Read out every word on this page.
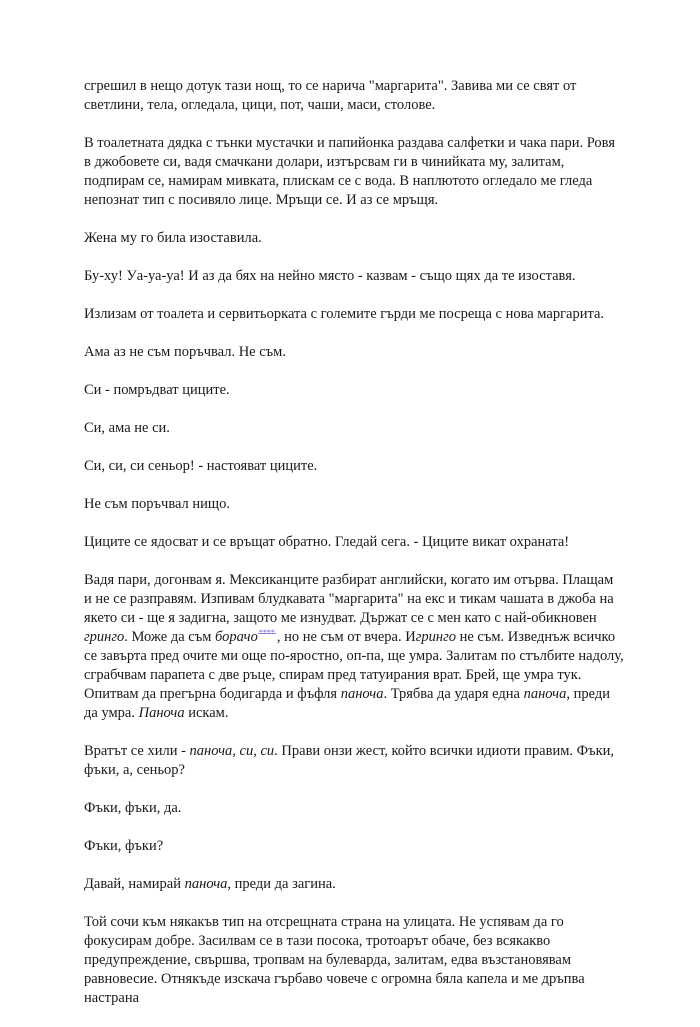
сгрешил в нещо дотук тази нощ, то се нарича "маргарита". Завива ми се свят от светлини, тела, огледала, цици, пот, чаши, маси, столове.

В тоалетната дядка с тънки мустачки и папийонка раздава салфетки и чака пари. Ровя в джобовете си, вадя смачкани долари, изтърсвам ги в чинийката му, залитам, подпирам се, намирам мивката, плискам се с вода. В наплютото огледало ме гледа непознат тип с посивяло лице. Мръщи се. И аз се мръщя.

Жена му го била изоставила.

Бу-ху! Уа-уа-уа! И аз да бях на нейно място - казвам - също щях да те изоставя.

Излизам от тоалета и сервитьорката с големите гърди ме посреща с нова маргарита.

Ама аз не съм поръчвал. Не съм.

Си - помръдват циците.

Си, ама не си.

Си, си, си сеньор! - настояват циците.

Не съм поръчвал нищо.

Циците се ядосват и се връщат обратно. Гледай сега. - Циците викат охраната!

Вадя пари, догонвам я. Мексиканците разбират английски, когато им отърва. Плащам и не се разправям. Изпивам блудкавата "маргарита" на екс и тикам чашата в джоба на якето си - ще я задигна, защото ме изнудват. Държат се с мен като с най-обикновен гринго. Може да съм борачо**** , но не съм от вчера. Игринго не съм. Изведнъж всичко се завърта пред очите ми още по-яростно, оп-па, ще умра. Залитам по стълбите надолу, сграбчвам парапета с две ръце, спирам пред татуирания врат. Брей, ще умра тук. Опитвам да прегърна бодигарда и фъфля паноча. Трябва да ударя една паноча, преди да умра. Паноча искам.

Вратът се хили - паноча, си, си. Прави онзи жест, който всички идиоти правим. Фъки, фъки, а, сеньор?

Фъки, фъки, да.

Фъки, фъки?

Давай, намирай паноча, преди да загина.

Той сочи към някакъв тип на отсрещната страна на улицата. Не успявам да го фокусирам добре. Засилвам се в тази посока, тротоарът обаче, без всякакво предупреждение, свършва, тропвам на булеварда, залитам, едва възстановявам равновесие. Отнякъде изскача гърбаво човече с огромна бяла капела и ме дръпва настрана
